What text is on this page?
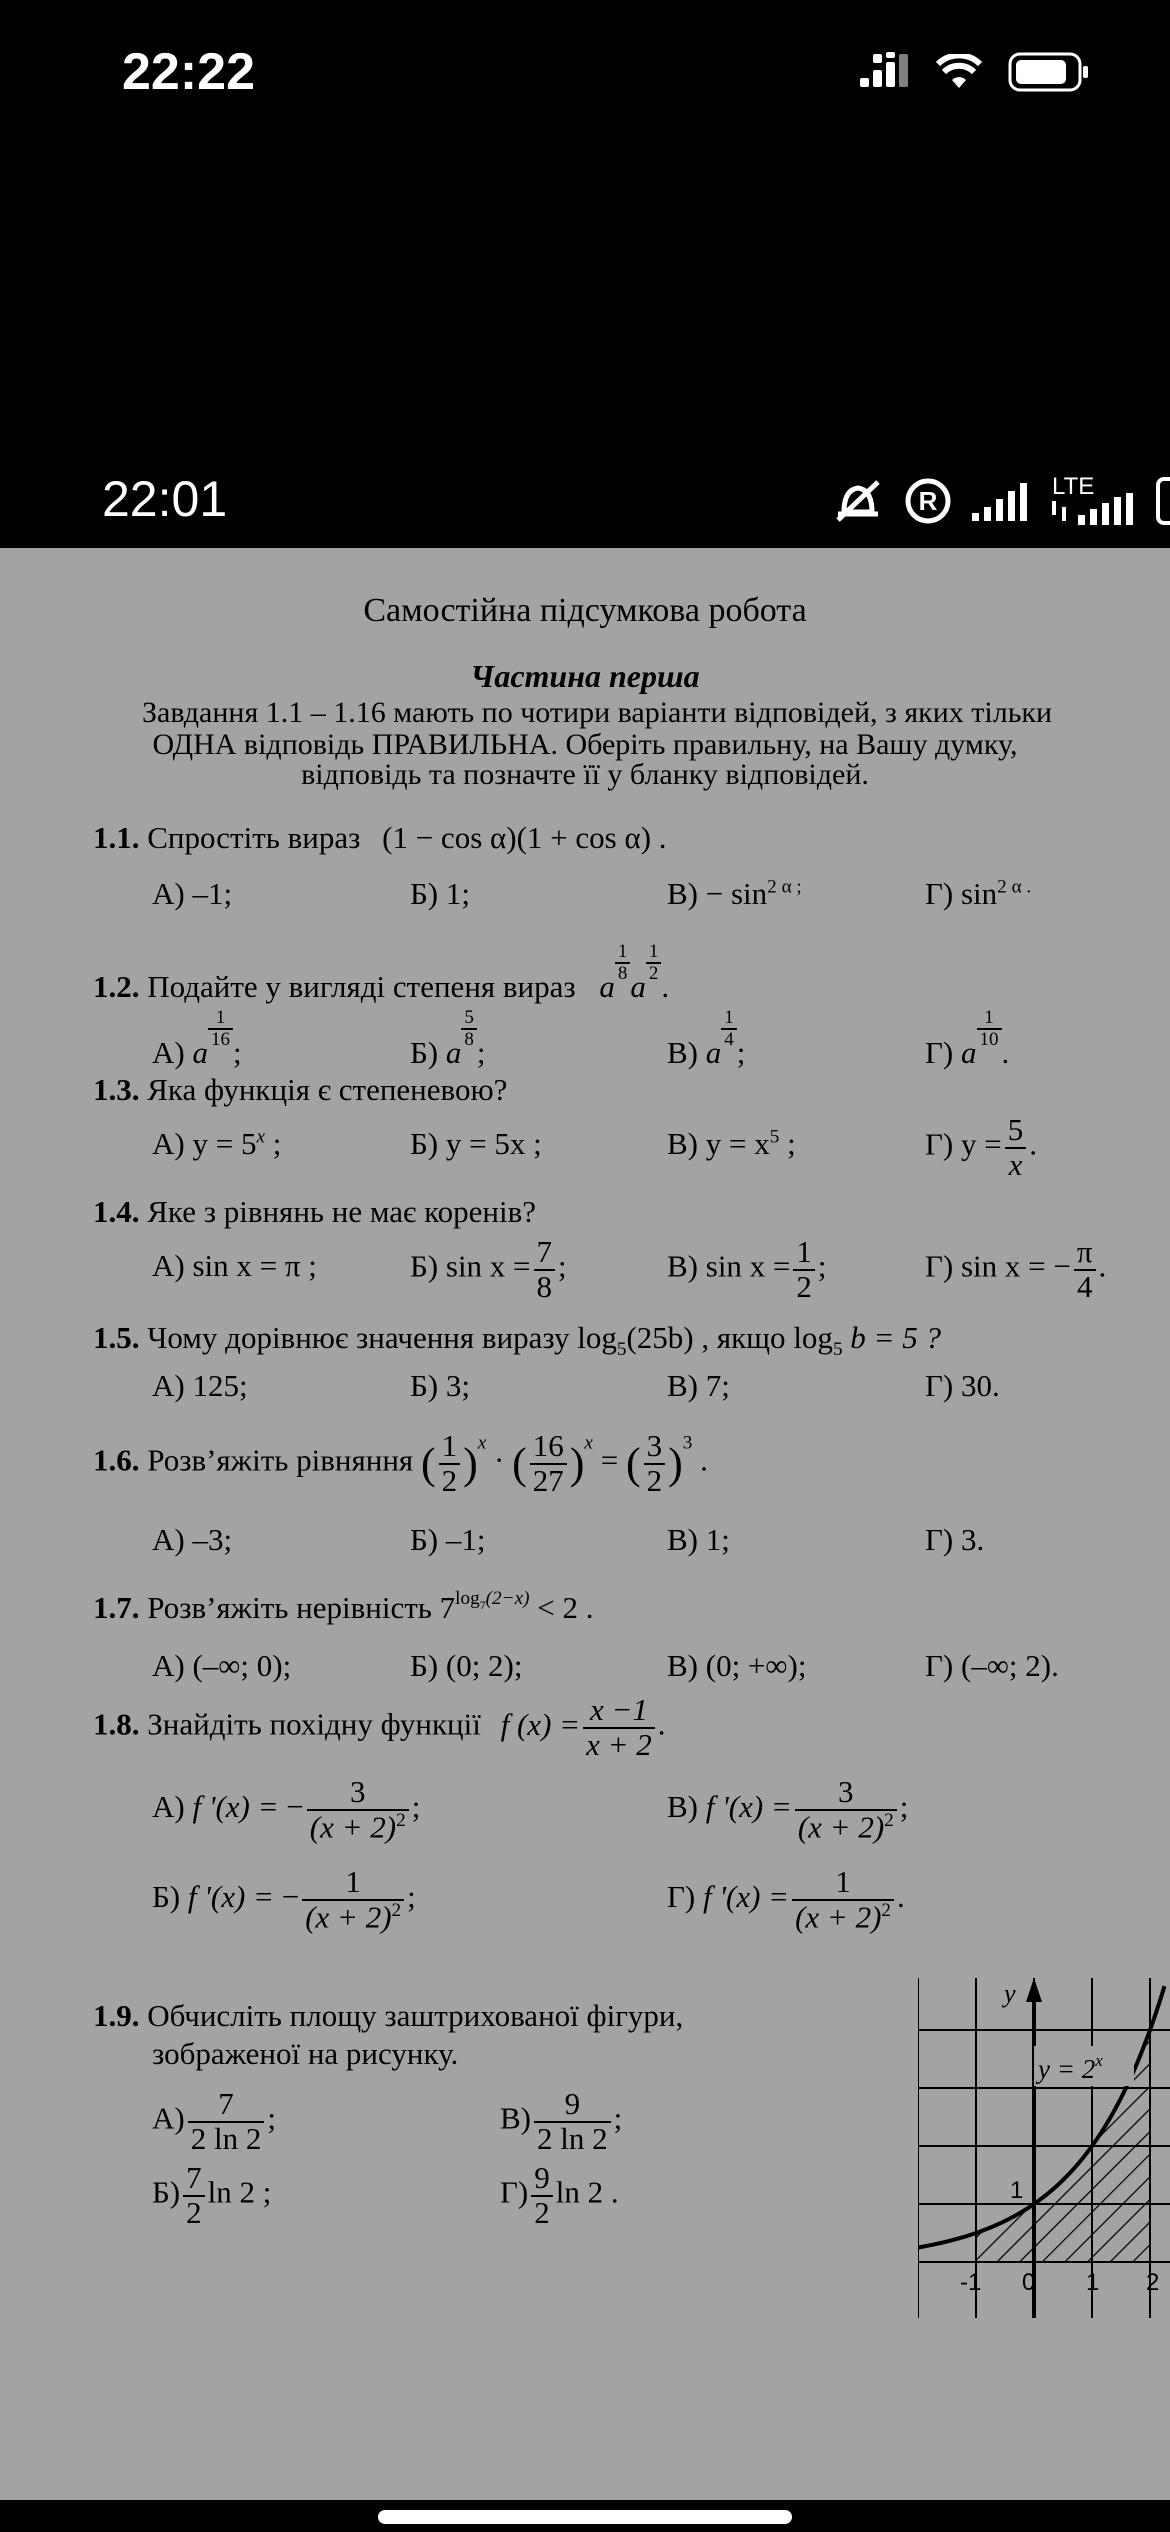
22:22
22:01	R	LTE
Самостійна підсумкова робота
Частина перша
Завдання 1.1 – 1.16 мають по чотири варіанти відповідей, з яких тільки
ОДНА відповідь ПРАВИЛЬНА. Оберіть правильну, на Вашу думку,
відповідь та позначте її у бланку відповідей.
1.1. Спростіть вираз (1 − cos α)(1 + cos α) .
А) –1;	Б) 1;	$В) - \sin^{2 \alpha ;}$	Г) $\sin^{2 \alpha .}$
1.2. Подайте у вигляді степеня вираз a
$\frac{1}{8}$
a
$\frac{1}{2}$
.
А) a
$\frac{1}{16}$
;	Б) a
$\frac{5}{8}$
;	В) a
$\frac{1}{4}$
;	Г) a
$\frac{1}{10}$
.
1.3. Яка функція є степеневою?
А) $y = 5^x$ ;	Б) y = 5x ;	В) $y = x^5$ ;	Г) $y = \frac{5}{x}$ .
1.4. Яке з рівнянь не має коренів?
А) sin x = π ;	Б) $\sin x = \frac{7}{8}$ ;	В) $\sin x = \frac{1}{2}$ ;	Г) sin x = − $\frac{\pi}{4}$ .
1.5. Чому дорівнює значення виразу $\log_5(25b)$ , якщо $\log_5 b = 5$ ?
А) 125;	Б) 3;	В) 7;	Г) 30.
1.6. Розв’яжіть рівняння ( $\frac{1}{2} )^x$ · ( $\frac{16}{27} )^x$ = ( $\frac{3}{2} )^3$ .
А) –3;	Б) –1;	В) 1;	Г) 3.
1.7. Розв’яжіть нерівність $7^{log_7(2-x)} < 2$ .
А) (–∞; 0);	Б) (0; 2);	В) (0; +∞);	Г) (–∞; 2).
1.8. Знайдіть похідну функції f $(x) = \frac{x -1}{x + 2}$ .
А) f '(x) = − $\frac{3}{(x + 2)^2}$ ;	В) f '$(x) = \frac{3}{(x + 2)^2}$ ;
Б) f '(x) = − $\frac{1}{(x + 2)^2}$ ;	Г) f '$(x) = \frac{1}{(x + 2)^2}$ .
1.9. Обчисліть площу заштрихованої фігури,
зображеної на рисунку.
$А) \frac{7}{2 \ln 2}$ ;	$В) \frac{9}{2 \ln 2}$ ;
$Б) \frac{7}{2}$ ln 2 ;	$Г) \frac{9}{2}$ ln 2 .
y
$y = 2^x$
1
-1 0 1 2
